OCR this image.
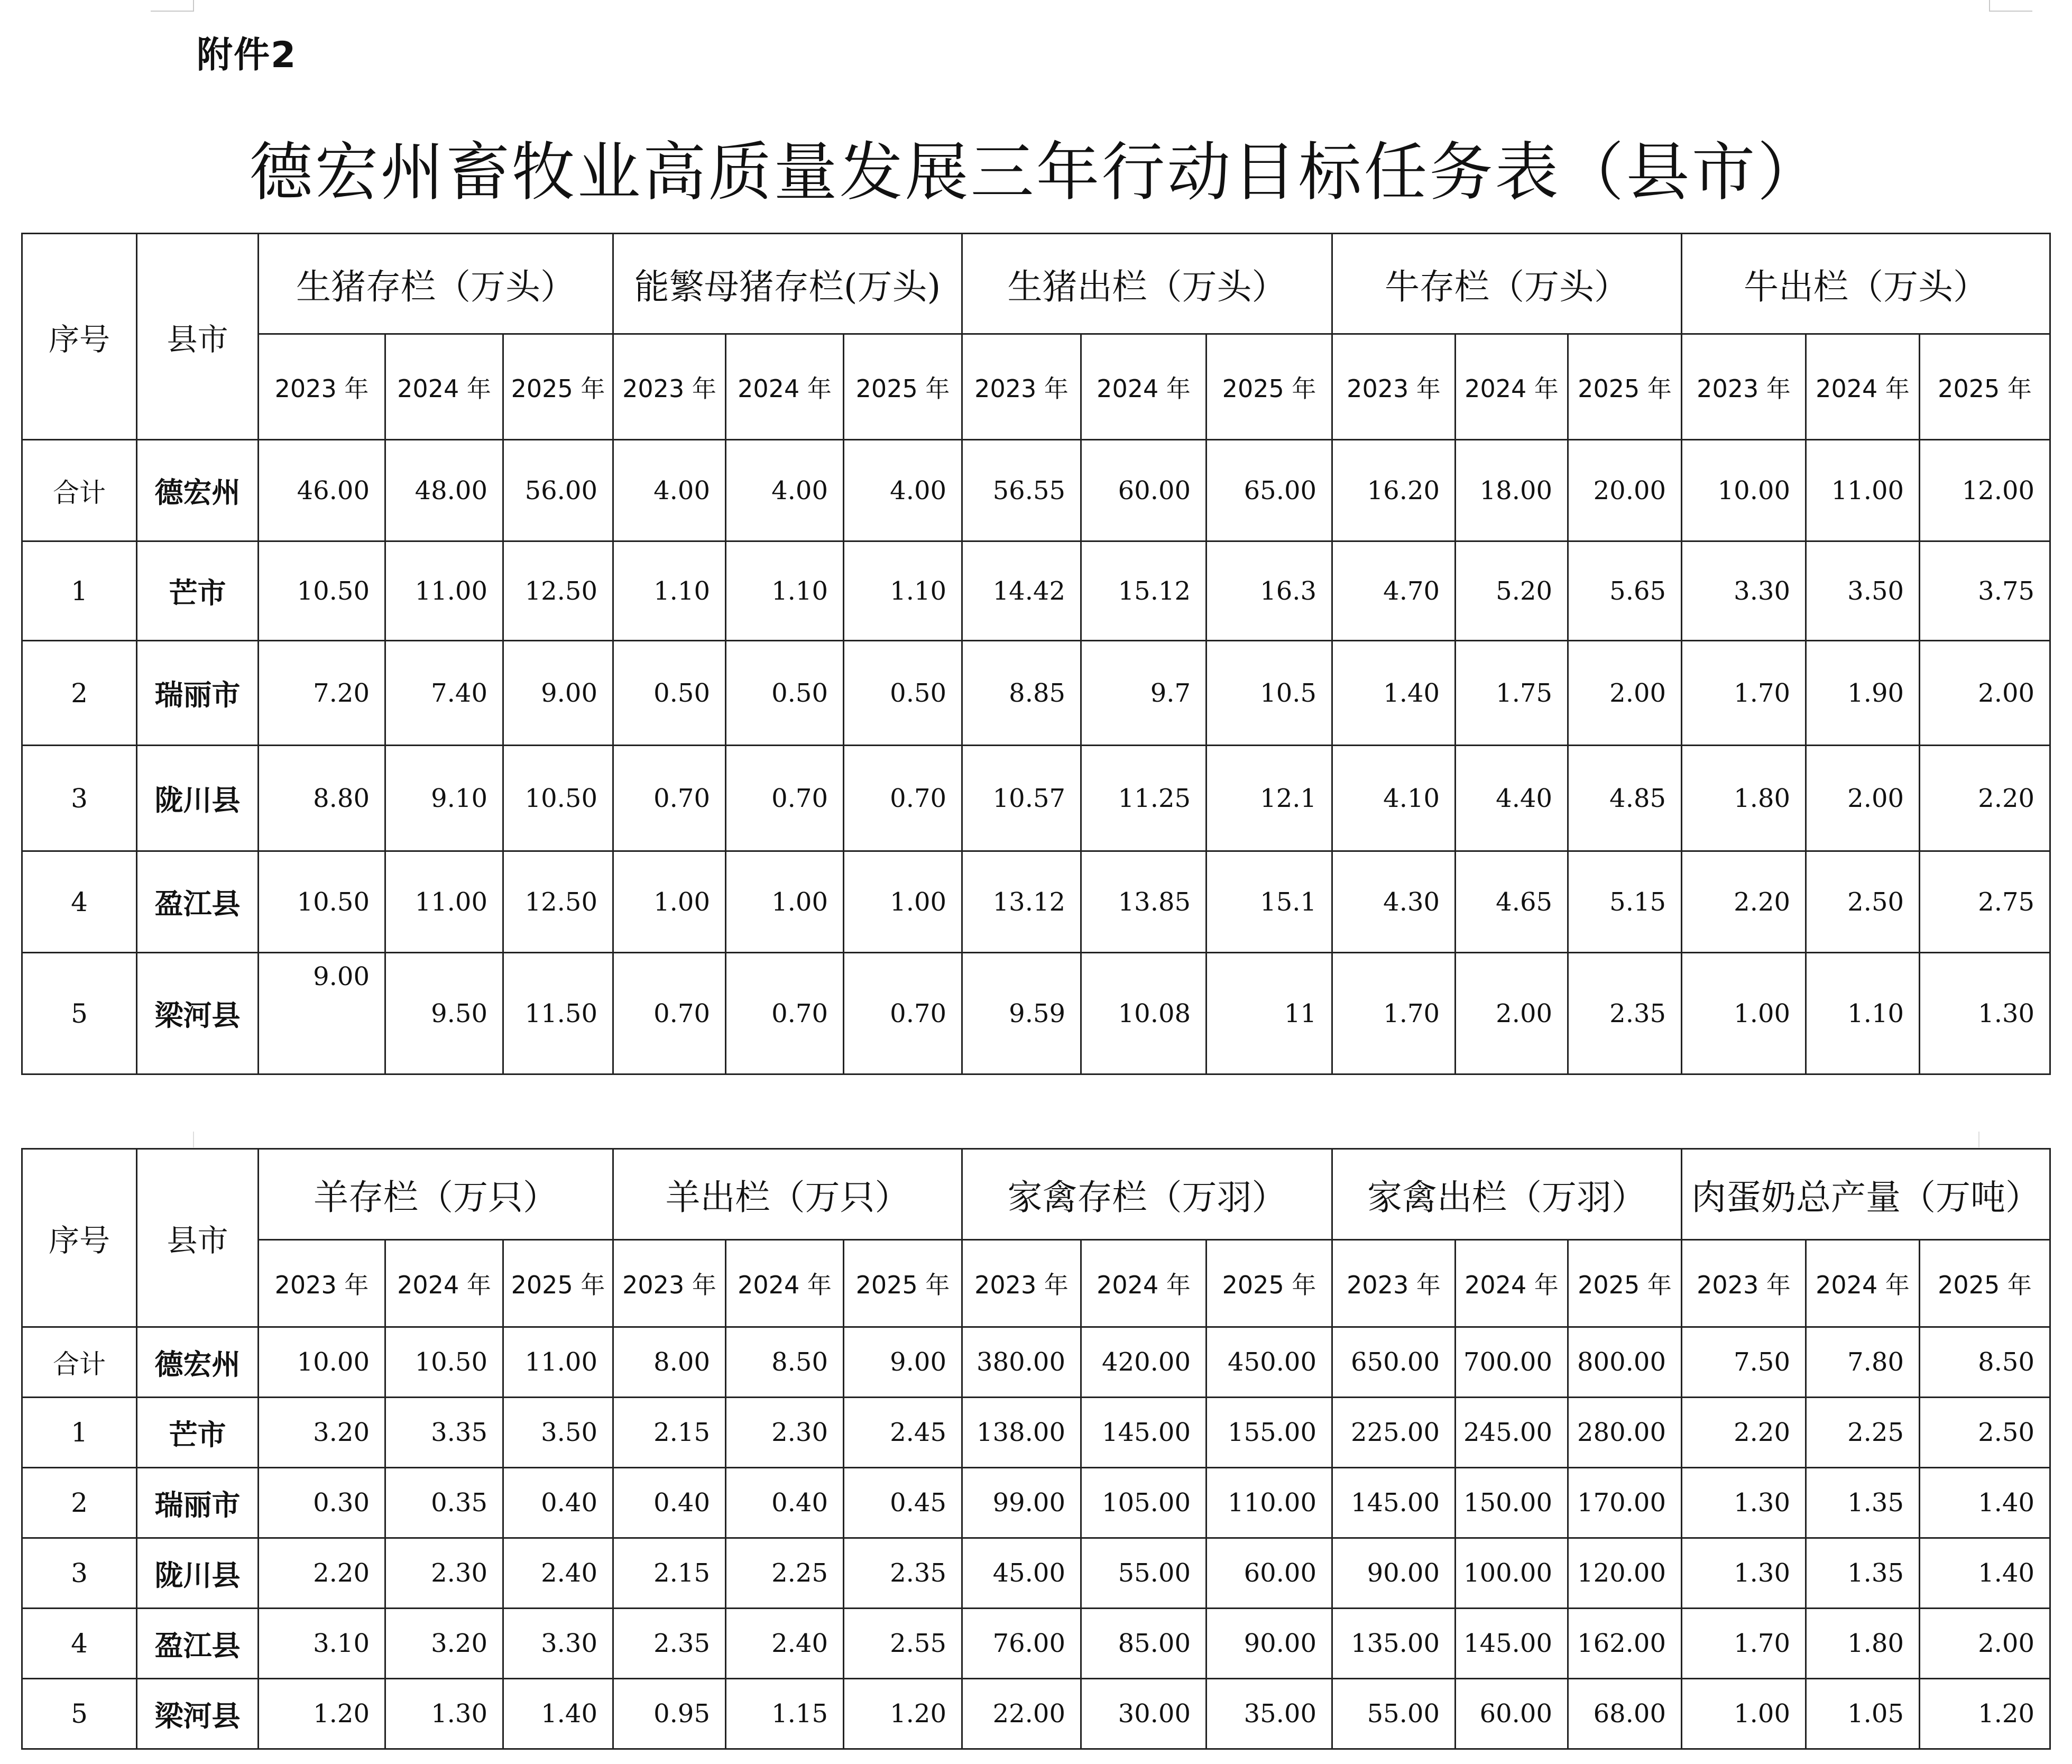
附件2
德宏州畜牧业高质量发展三年行动目标任务表（县市）
序号	县市	生猪存栏（万头）			能繁母猪存栏(万头)			生猪出栏（万头）			牛存栏（万头）			牛出栏（万头）		
		2023 年	2024 年	2025 年	2023 年	2024 年	2025 年	2023 年	2024 年	2025 年	2023 年	2024 年	2025 年	2023 年	2024 年	2025 年
合计	德宏州	46.00	48.00	56.00	4.00	4.00	4.00	56.55	60.00	65.00	16.20	18.00	20.00	10.00	11.00	12.00
1	芒市	10.50	11.00	12.50	1.10	1.10	1.10	14.42	15.12	16.3	4.70	5.20	5.65	3.30	3.50	3.75
2	瑞丽市	7.20	7.40	9.00	0.50	0.50	0.50	8.85	9.7	10.5	1.40	1.75	2.00	1.70	1.90	2.00
3	陇川县	8.80	9.10	10.50	0.70	0.70	0.70	10.57	11.25	12.1	4.10	4.40	4.85	1.80	2.00	2.20
4	盈江县	10.50	11.00	12.50	1.00	1.00	1.00	13.12	13.85	15.1	4.30	4.65	5.15	2.20	2.50	2.75
5	梁河县	9.00	9.50	11.50	0.70	0.70	0.70	9.59	10.08	11	1.70	2.00	2.35	1.00	1.10	1.30
序号	县市	羊存栏（万只）			羊出栏（万只）			家禽存栏（万羽）			家禽出栏（万羽）			肉蛋奶总产量（万吨）		
		2023 年	2024 年	2025 年	2023 年	2024 年	2025 年	2023 年	2024 年	2025 年	2023 年	2024 年	2025 年	2023 年	2024 年	2025 年
合计	德宏州	10.00	10.50	11.00	8.00	8.50	9.00	380.00	420.00	450.00	650.00	700.00	800.00	7.50	7.80	8.50
1	芒市	3.20	3.35	3.50	2.15	2.30	2.45	138.00	145.00	155.00	225.00	245.00	280.00	2.20	2.25	2.50
2	瑞丽市	0.30	0.35	0.40	0.40	0.40	0.45	99.00	105.00	110.00	145.00	150.00	170.00	1.30	1.35	1.40
3	陇川县	2.20	2.30	2.40	2.15	2.25	2.35	45.00	55.00	60.00	90.00	100.00	120.00	1.30	1.35	1.40
4	盈江县	3.10	3.20	3.30	2.35	2.40	2.55	76.00	85.00	90.00	135.00	145.00	162.00	1.70	1.80	2.00
5	梁河县	1.20	1.30	1.40	0.95	1.15	1.20	22.00	30.00	35.00	55.00	60.00	68.00	1.00	1.05	1.20
